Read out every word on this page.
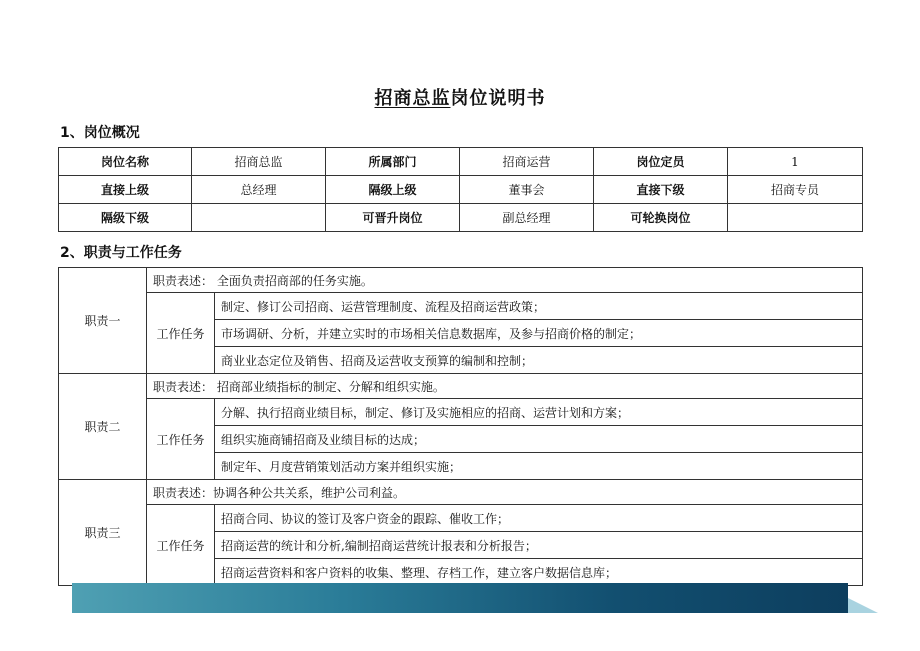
招商总监岗位说明书
1、岗位概况
岗位名称	招商总监	所属部门	招商运营	岗位定员	1
直接上级	总经理	隔级上级	董事会	直接下级	招商专员
隔级下级		可晋升岗位	副总经理	可轮换岗位	
2、职责与工作任务
职责一	职责表述： 全面负责招商部的任务实施。	
	工作任务	制定、修订公司招商、运营管理制度、流程及招商运营政策；
		市场调研、分析，并建立实时的市场相关信息数据库，及参与招商价格的制定；
		商业业态定位及销售、招商及运营收支预算的编制和控制；
职责二	职责表述： 招商部业绩指标的制定、分解和组织实施。	
	工作任务	分解、执行招商业绩目标，制定、修订及实施相应的招商、运营计划和方案；
		组织实施商铺招商及业绩目标的达成；
		制定年、月度营销策划活动方案并组织实施；
职责三	职责表述：协调各种公共关系，维护公司利益。	
	工作任务	招商合同、协议的签订及客户资金的跟踪、催收工作；
		招商运营的统计和分析,编制招商运营统计报表和分析报告；
		招商运营资料和客户资料的收集、整理、存档工作，建立客户数据信息库；
